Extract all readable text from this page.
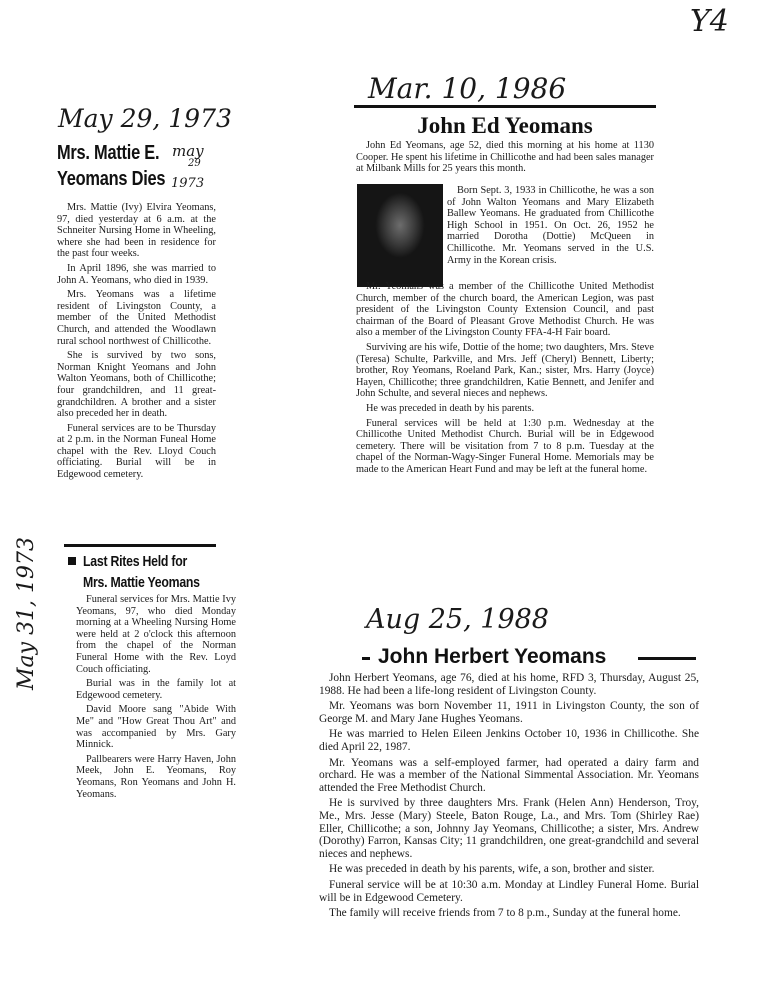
Y4
May 29, 1973
Mrs. Mattie E.
Yeomans Dies
may
29
1973

Mrs. Mattie (Ivy) Elvira Yeomans, 97, died yesterday at 6 a.m. at the Schneiter Nursing Home in Wheeling, where she had been in residence for the past four weeks.

In April 1896, she was married to John A. Yeomans, who died in 1939.

Mrs. Yeomans was a lifetime resident of Livingston County, a member of the United Methodist Church, and attended the Woodlawn rural school northwest of Chillicothe.

She is survived by two sons, Norman Knight Yeomans and John Walton Yeomans, both of Chillicothe; four grandchildren, and 11 great-grandchildren. A brother and a sister also preceded her in death.

Funeral services are to be Thursday at 2 p.m. in the Norman Funeal Home chapel with the Rev. Lloyd Couch officiating. Burial will be in Edgewood cemetery.

May 31, 1973	Last Rites Held for
Mrs. Mattie Yeomans

Funeral services for Mrs. Mattie Ivy Yeomans, 97, who died Monday morning at a Wheeling Nursing Home were held at 2 o'clock this afternoon from the chapel of the Norman Funeral Home with the Rev. Loyd Couch officiating.

Burial was in the family lot at Edgewood cemetery.

David Moore sang "Abide With Me" and "How Great Thou Art" and was accompanied by Mrs. Gary Minnick.

Pallbearers were Harry Haven, John Meek, John E. Yeomans, Roy Yeomans, Ron Yeomans and John H. Yeomans.

Mar. 10, 1986
John Ed Yeomans

John Ed Yeomans, age 52, died this morning at his home at 1130 Cooper. He spent his lifetime in Chillicothe and had been sales manager at Milbank Mills for 25 years this month.

Born Sept. 3, 1933 in Chillicothe, he was a son of John Walton Yeomans and Mary Elizabeth Ballew Yeomans. He graduated from Chillicothe High School in 1951. On Oct. 26, 1952 he married Dorotha (Dottie) McQueen in Chillicothe. Mr. Yeomans served in the U.S. Army in the Korean crisis.

Mr. Yeomans was a member of the Chillicothe United Methodist Church, member of the church board, the American Legion, was past president of the Livingston County Extension Council, and past chairman of the Board of Pleasant Grove Methodist Church. He was also a member of the Livingston County FFA-4-H Fair board.

Surviving are his wife, Dottie of the home; two daughters, Mrs. Steve (Teresa) Schulte, Parkville, and Mrs. Jeff (Cheryl) Bennett, Liberty; brother, Roy Yeomans, Roeland Park, Kan.; sister, Mrs. Harry (Joyce) Hayen, Chillicothe; three grandchildren, Katie Bennett, and Jenifer and John Schulte, and several nieces and nephews.

He was preceded in death by his parents.

Funeral services will be held at 1:30 p.m. Wednesday at the Chillicothe United Methodist Church. Burial will be in Edgewood cemetery. There will be visitation from 7 to 8 p.m. Tuesday at the chapel of the Norman-Wagy-Singer Funeral Home. Memorials may be made to the American Heart Fund and may be left at the funeral home.

Aug 25, 1988
John Herbert Yeomans

John Herbert Yeomans, age 76, died at his home, RFD 3, Thursday, August 25, 1988. He had been a life-long resident of Livingston County.

Mr. Yeomans was born November 11, 1911 in Livingston County, the son of George M. and Mary Jane Hughes Yeomans.

He was married to Helen Eileen Jenkins October 10, 1936 in Chillicothe. She died April 22, 1987.

Mr. Yeomans was a self-employed farmer, had operated a dairy farm and orchard. He was a member of the National Simmental Association. Mr. Yeomans attended the Free Methodist Church.

He is survived by three daughters Mrs. Frank (Helen Ann) Henderson, Troy, Me., Mrs. Jesse (Mary) Steele, Baton Rouge, La., and Mrs. Tom (Shirley Rae) Eller, Chillicothe; a son, Johnny Jay Yeomans, Chillicothe; a sister, Mrs. Andrew (Dorothy) Farron, Kansas City; 11 grandchildren, one great-grandchild and several nieces and nephews.

He was preceded in death by his parents, wife, a son, brother and sister.

Funeral service will be at 10:30 a.m. Monday at Lindley Funeral Home. Burial will be in Edgewood Cemetery.

The family will receive friends from 7 to 8 p.m., Sunday at the funeral home.
